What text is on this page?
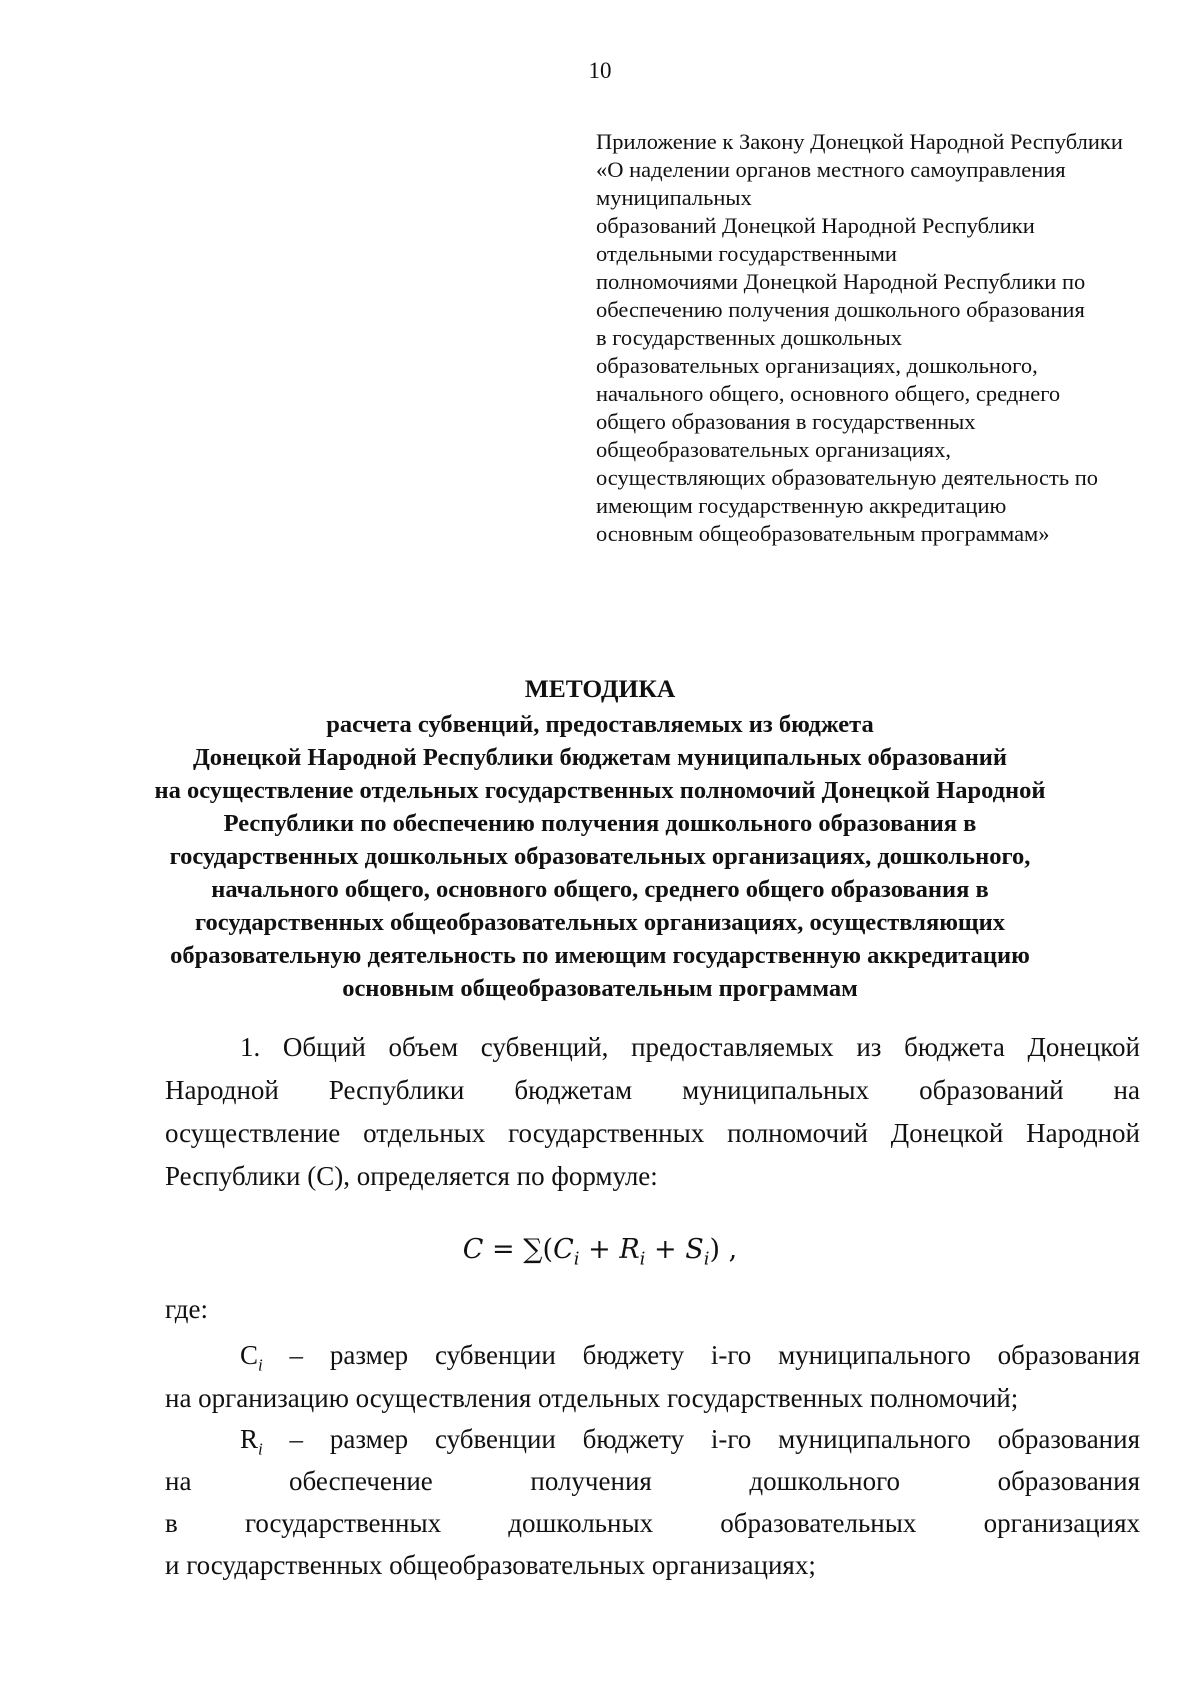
10
Приложение к Закону Донецкой Народной Республики
«О наделении органов местного самоуправления
муниципальных
образований Донецкой Народной Республики
отдельными государственными
полномочиями Донецкой Народной Республики по
обеспечению получения дошкольного образования
в государственных дошкольных
образовательных организациях, дошкольного,
начального общего, основного общего, среднего
общего образования в государственных
общеобразовательных организациях,
осуществляющих образовательную деятельность по
имеющим государственную аккредитацию
основным общеобразовательным программам»
МЕТОДИКА
расчета субвенций, предоставляемых из бюджета
Донецкой Народной Республики бюджетам муниципальных образований
на осуществление отдельных государственных полномочий Донецкой Народной
Республики по обеспечению получения дошкольного образования в
государственных дошкольных образовательных организациях, дошкольного,
начального общего, основного общего, среднего общего образования в
государственных общеобразовательных организациях, осуществляющих
образовательную деятельность по имеющим государственную аккредитацию
основным общеобразовательным программам
1. Общий объем субвенций, предоставляемых из бюджета Донецкой
Народной Республики бюджетам муниципальных образований на
осуществление отдельных государственных полномочий Донецкой Народной
Республики (С), определяется по формуле:
$C = \sum(C_i + R_i + S_i)$ ,
где:
$C_i$ – размер субвенции бюджету i-го муниципального образования
на организацию осуществления отдельных государственных полномочий;
$R_i$ – размер субвенции бюджету i-го муниципального образования
на обеспечение получения дошкольного образования
в государственных дошкольных образовательных организациях
и государственных общеобразовательных организациях;
